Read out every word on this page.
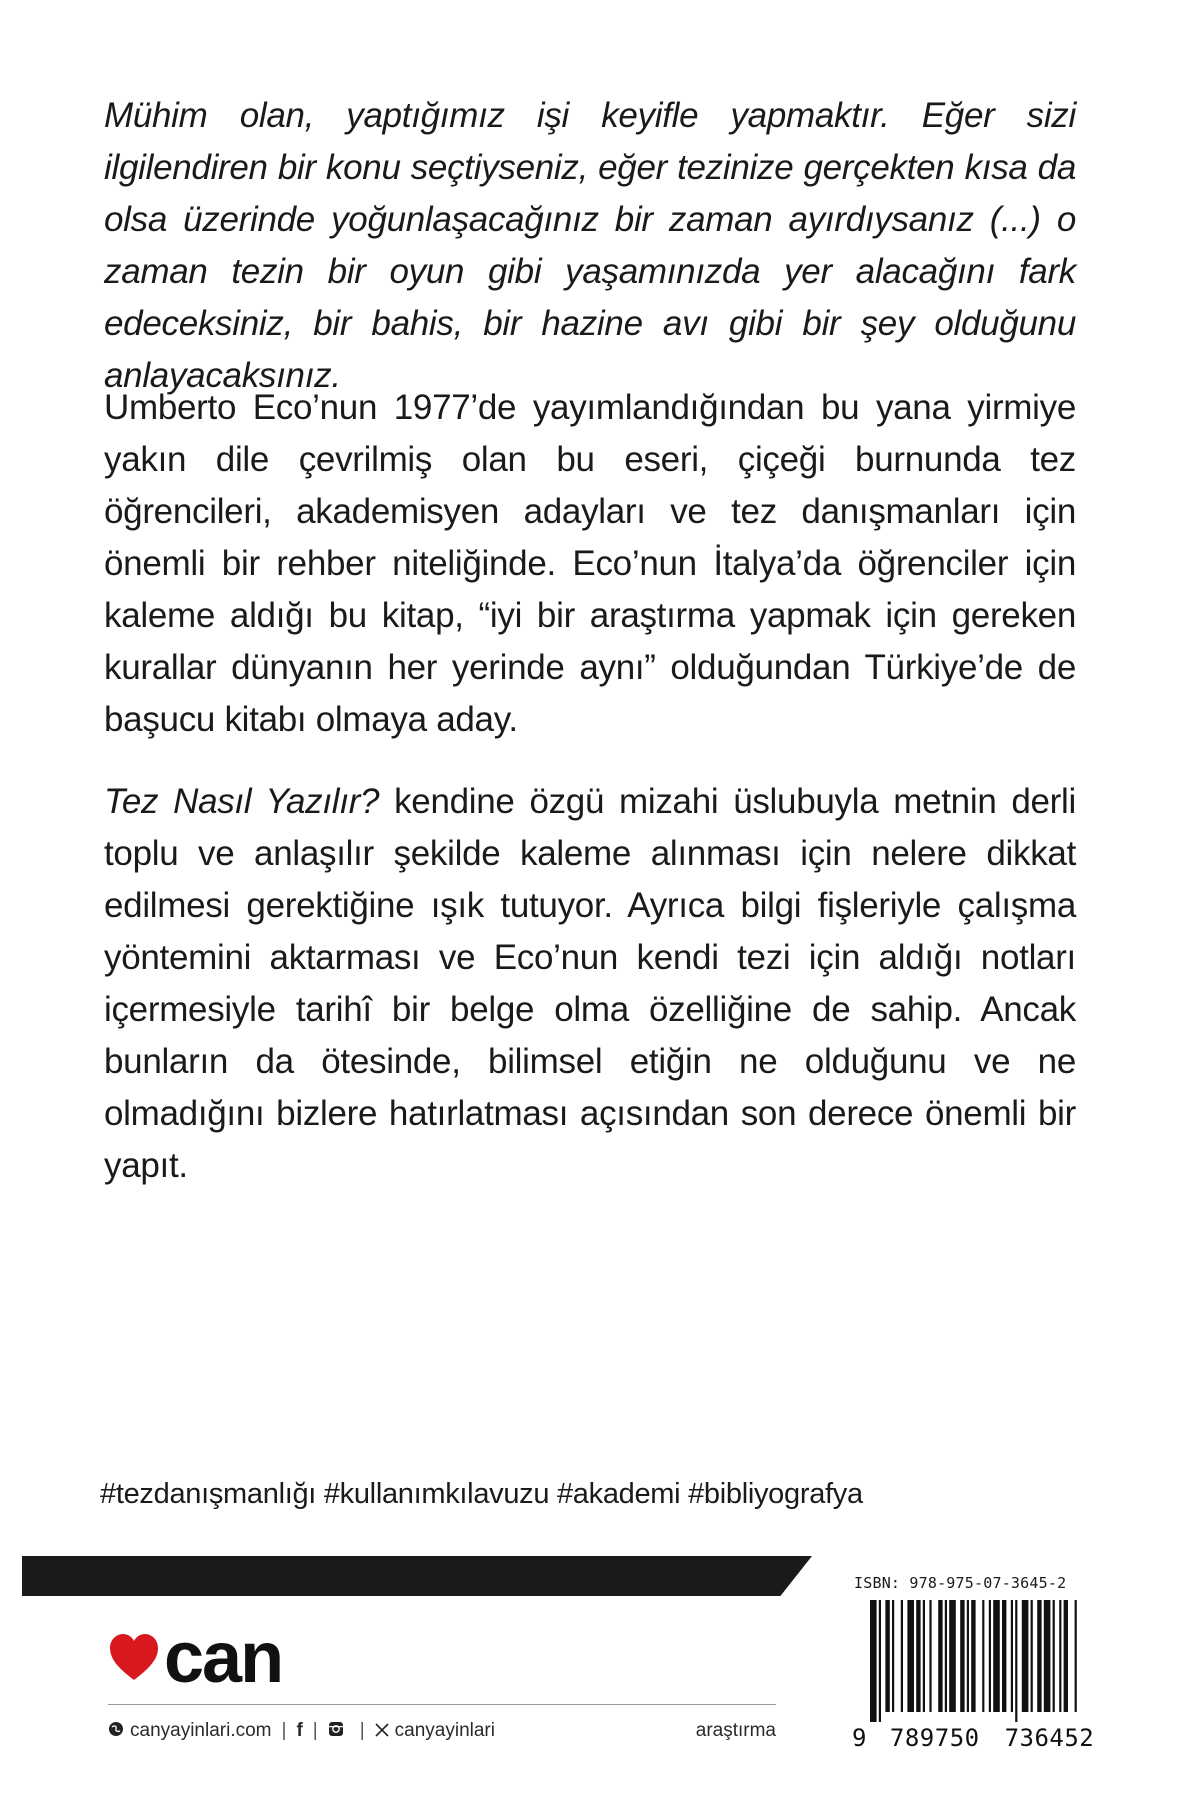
Mühim olan, yaptığımız işi keyifle yapmaktır. Eğer sizi ilgilendiren bir konu seçtiyseniz, eğer tezinize gerçekten kısa da olsa üzerinde yoğunlaşacağınız bir zaman ayırdıysanız (...) o zaman tezin bir oyun gibi yaşamınızda yer alacağını fark edeceksiniz, bir bahis, bir hazine avı gibi bir şey olduğunu anlayacaksınız.

Umberto Eco’nun 1977’de yayımlandığından bu yana yirmiye yakın dile çevrilmiş olan bu eseri, çiçeği burnunda tez öğrencileri, akademisyen adayları ve tez danışmanları için önemli bir rehber niteliğinde. Eco’nun İtalya’da öğrenciler için kaleme aldığı bu kitap, “iyi bir araştırma yapmak için gereken kurallar dünyanın her yerinde aynı” olduğundan Türkiye’de de başucu kitabı olmaya aday.

Tez Nasıl Yazılır? kendine özgü mizahi üslubuyla metnin derli toplu ve anlaşılır şekilde kaleme alınması için nelere dikkat edilmesi gerektiğine ışık tutuyor. Ayrıca bilgi fişleriyle çalışma yöntemini aktarması ve Eco’nun kendi tezi için aldığı notları içermesiyle tarihî bir belge olma özelliğine de sahip. Ancak bunların da ötesinde, bilimsel etiğin ne olduğunu ve ne olmadığını bizlere hatırlatması açısından son derece önemli bir yapıt.

#tezdanışmanlığı #kullanımkılavuzu #akademi #bibliyografya
can
canyayinlari.com | f | | canyayinlari	araştırma
ISBN: 978-975-07-3645-2
9 789750 736452
